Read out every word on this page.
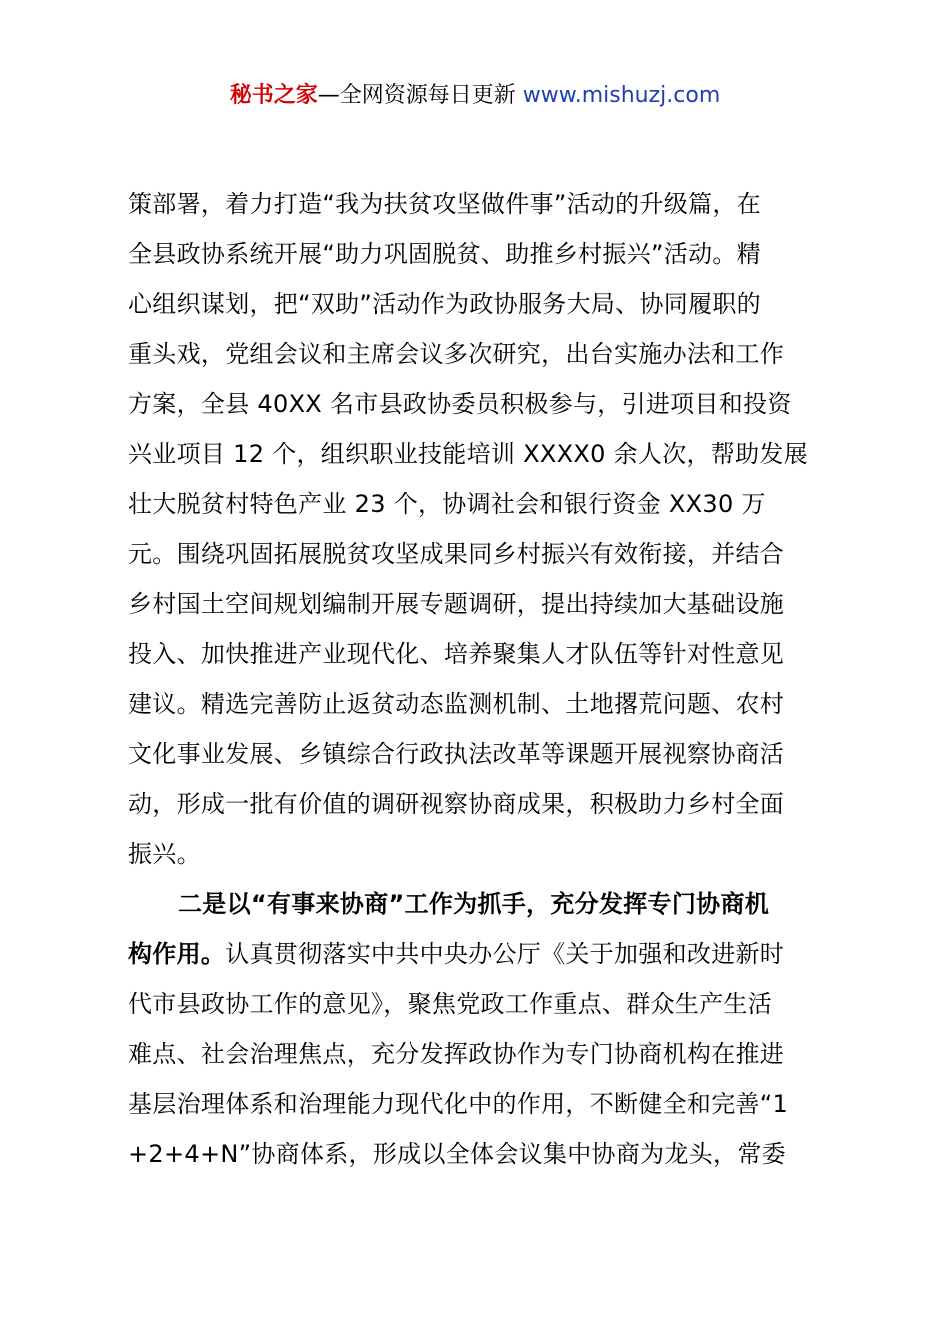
秘书之家—全网资源每日更新 www.mishuzj.com
策部署，着力打造“我为扶贫攻坚做件事”活动的升级篇，在
全县政协系统开展“助力巩固脱贫、助推乡村振兴”活动。精
心组织谋划，把“双助”活动作为政协服务大局、协同履职的
重头戏，党组会议和主席会议多次研究，出台实施办法和工作
方案，全县 40XX 名市县政协委员积极参与，引进项目和投资
兴业项目 12 个，组织职业技能培训 XXXX0 余人次，帮助发展
壮大脱贫村特色产业 23 个，协调社会和银行资金 XX30 万
元。围绕巩固拓展脱贫攻坚成果同乡村振兴有效衔接，并结合
乡村国土空间规划编制开展专题调研，提出持续加大基础设施
投入、加快推进产业现代化、培养聚集人才队伍等针对性意见
建议。精选完善防止返贫动态监测机制、土地撂荒问题、农村
文化事业发展、乡镇综合行政执法改革等课题开展视察协商活
动，形成一批有价值的调研视察协商成果，积极助力乡村全面
振兴。
二是以“有事来协商”工作为抓手，充分发挥专门协商机
构作用。认真贯彻落实中共中央办公厅《关于加强和改进新时
代市县政协工作的意见》，聚焦党政工作重点、群众生产生活
难点、社会治理焦点，充分发挥政协作为专门协商机构在推进
基层治理体系和治理能力现代化中的作用，不断健全和完善“1
+2+4+N”协商体系，形成以全体会议集中协商为龙头，常委
